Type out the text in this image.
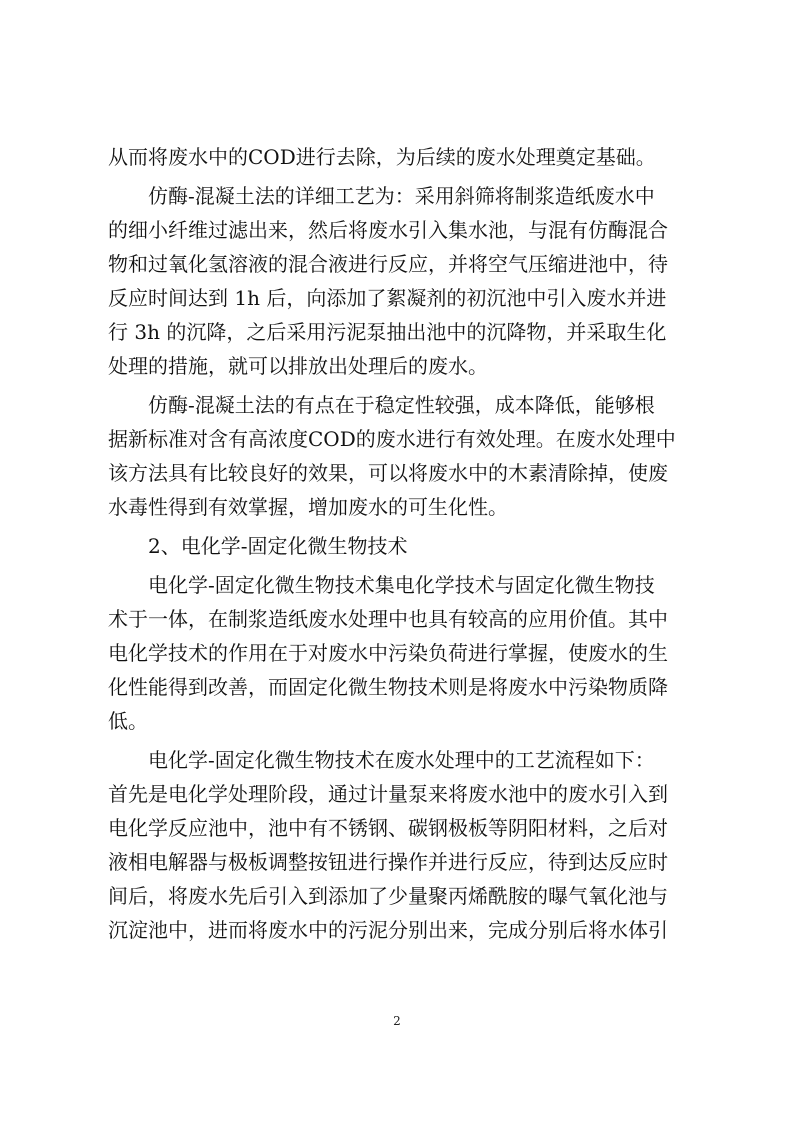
从而将废水中的COD进行去除，为后续的废水处理奠定基础。
仿酶-混凝土法的详细工艺为：采用斜筛将制浆造纸废水中
的细小纤维过滤出来，然后将废水引入集水池，与混有仿酶混合
物和过氧化氢溶液的混合液进行反应，并将空气压缩进池中，待
反应时间达到 1h 后，向添加了絮凝剂的初沉池中引入废水并进
行 3h 的沉降，之后采用污泥泵抽出池中的沉降物，并采取生化
处理的措施，就可以排放出处理后的废水。
仿酶-混凝土法的有点在于稳定性较强，成本降低，能够根
据新标准对含有高浓度COD的废水进行有效处理。在废水处理中
该方法具有比较良好的效果，可以将废水中的木素清除掉，使废
水毒性得到有效掌握，增加废水的可生化性。
2、电化学-固定化微生物技术
电化学-固定化微生物技术集电化学技术与固定化微生物技
术于一体，在制浆造纸废水处理中也具有较高的应用价值。其中
电化学技术的作用在于对废水中污染负荷进行掌握，使废水的生
化性能得到改善，而固定化微生物技术则是将废水中污染物质降
低。
电化学-固定化微生物技术在废水处理中的工艺流程如下：
首先是电化学处理阶段，通过计量泵来将废水池中的废水引入到
电化学反应池中，池中有不锈钢、碳钢极板等阴阳材料，之后对
液相电解器与极板调整按钮进行操作并进行反应，待到达反应时
间后，将废水先后引入到添加了少量聚丙烯酰胺的曝气氧化池与
沉淀池中，进而将废水中的污泥分别出来，完成分别后将水体引
2
